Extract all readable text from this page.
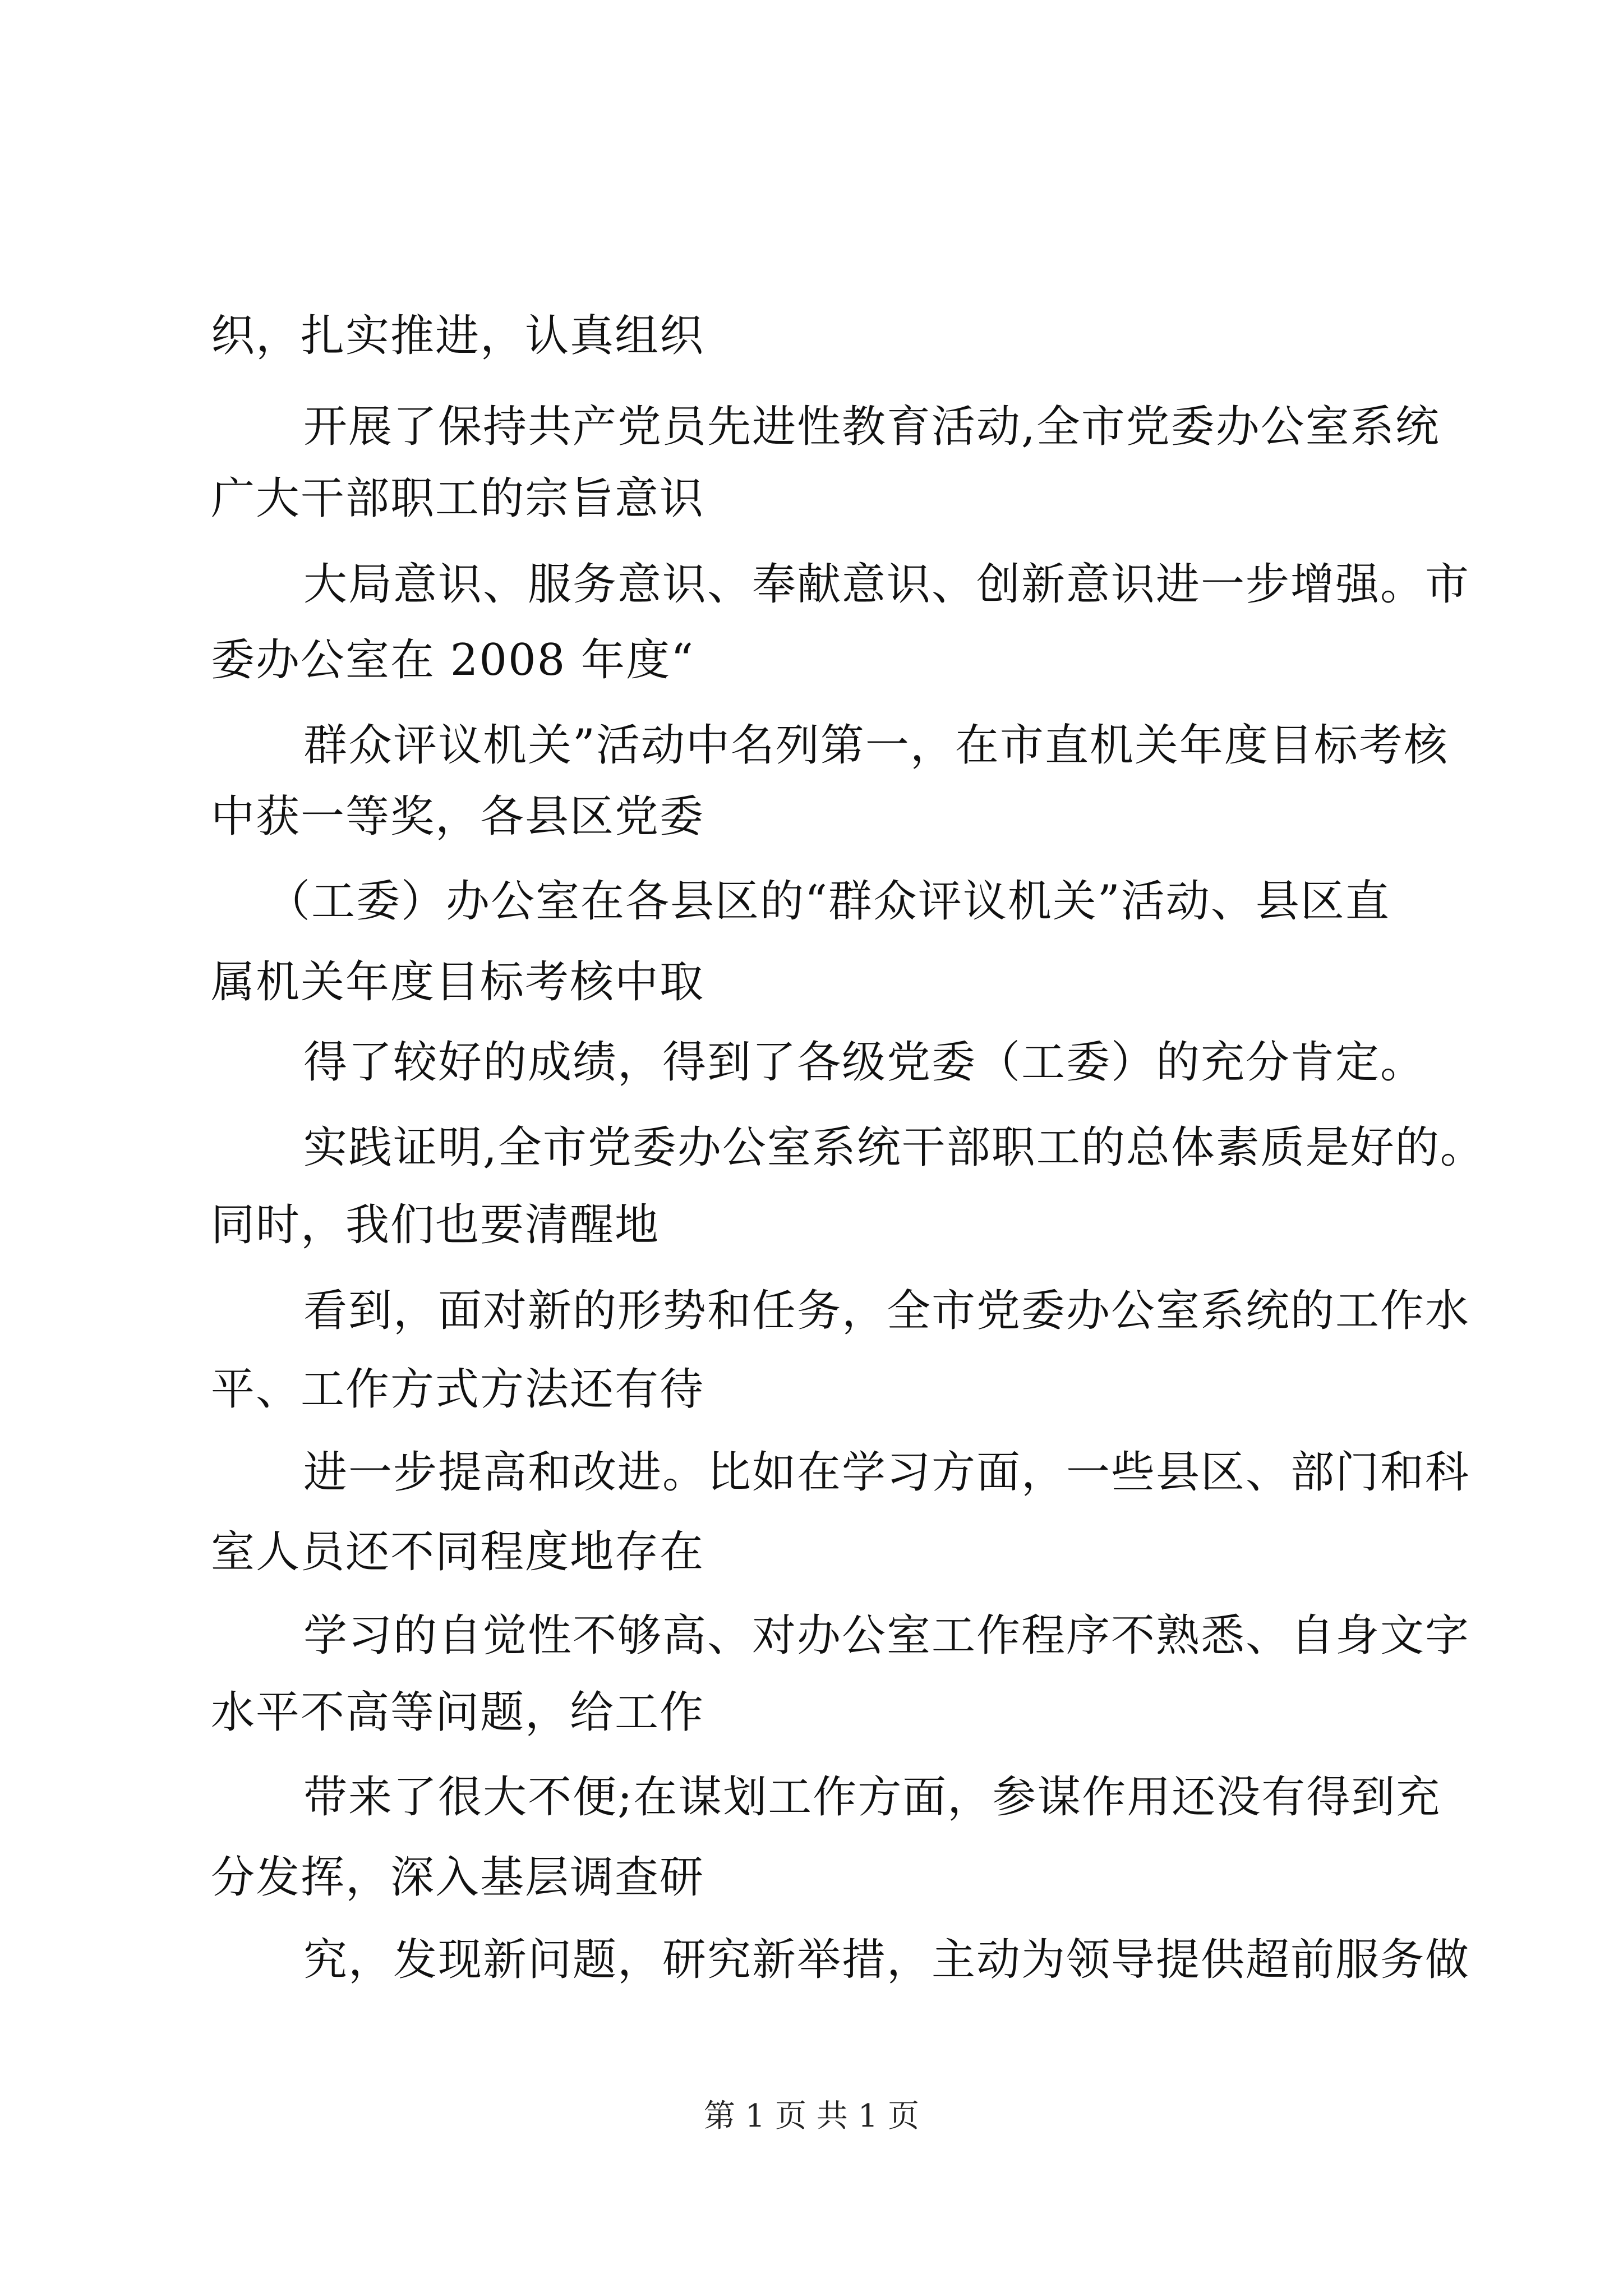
织，扎实推进，认真组织
开展了保持共产党员先进性教育活动,全市党委办公室系统
广大干部职工的宗旨意识
大局意识、服务意识、奉献意识、创新意识进一步增强。市
委办公室在 2008 年度“
群众评议机关”活动中名列第一，在市直机关年度目标考核
中获一等奖，各县区党委
（工委）办公室在各县区的“群众评议机关”活动、县区直
属机关年度目标考核中取
得了较好的成绩，得到了各级党委（工委）的充分肯定。
实践证明,全市党委办公室系统干部职工的总体素质是好的。
同时，我们也要清醒地
看到，面对新的形势和任务，全市党委办公室系统的工作水
平、工作方式方法还有待
进一步提高和改进。比如在学习方面，一些县区、部门和科
室人员还不同程度地存在
学习的自觉性不够高、对办公室工作程序不熟悉、自身文字
水平不高等问题，给工作
带来了很大不便;在谋划工作方面，参谋作用还没有得到充
分发挥，深入基层调查研
究，发现新问题，研究新举措，主动为领导提供超前服务做
第 1 页 共 1 页
